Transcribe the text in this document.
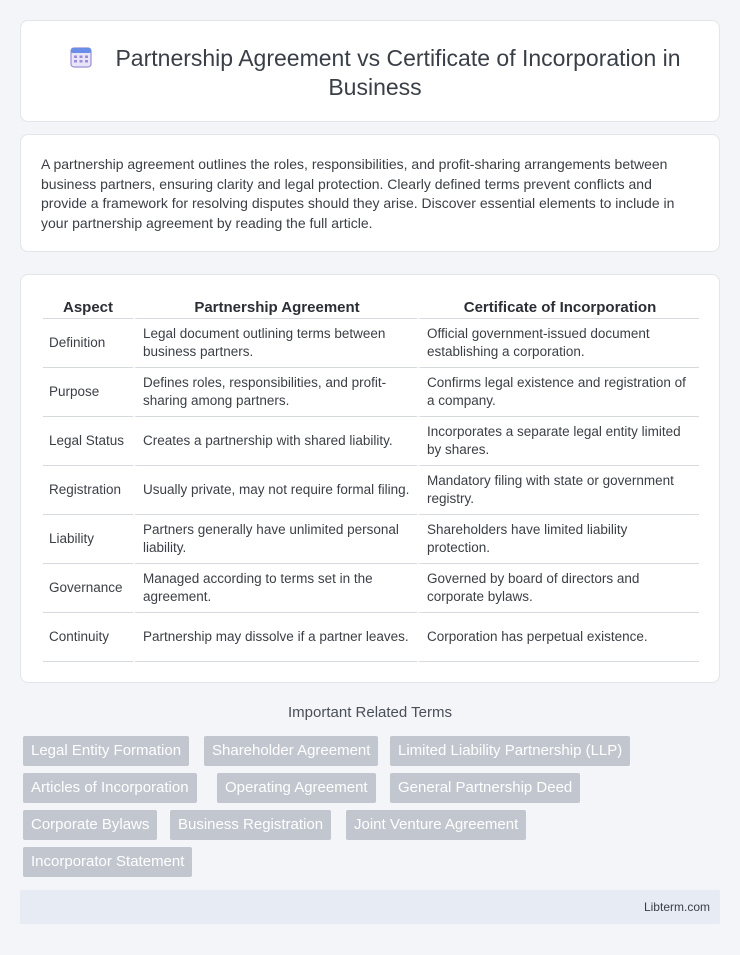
Partnership Agreement vs Certificate of Incorporation in Business

A partnership agreement outlines the roles, responsibilities, and profit-sharing arrangements between business partners, ensuring clarity and legal protection. Clearly defined terms prevent conflicts and provide a framework for resolving disputes should they arise. Discover essential elements to include in your partnership agreement by reading the full article.

Aspect	Partnership Agreement	Certificate of Incorporation
Definition	Legal document outlining terms between business partners.	Official government-issued document establishing a corporation.
Purpose	Defines roles, responsibilities, and profit-sharing among partners.	Confirms legal existence and registration of a company.
Legal Status	Creates a partnership with shared liability.	Incorporates a separate legal entity limited by shares.
Registration	Usually private, may not require formal filing.	Mandatory filing with state or government registry.
Liability	Partners generally have unlimited personal liability.	Shareholders have limited liability protection.
Governance	Managed according to terms set in the agreement.	Governed by board of directors and corporate bylaws.
Continuity	Partnership may dissolve if a partner leaves.	Corporation has perpetual existence.
Important Related Terms
Legal Entity Formation	Shareholder Agreement	Limited Liability Partnership (LLP)
Articles of Incorporation	Operating Agreement	General Partnership Deed
Corporate Bylaws	Business Registration	Joint Venture Agreement
Incorporator Statement
Libterm.com
